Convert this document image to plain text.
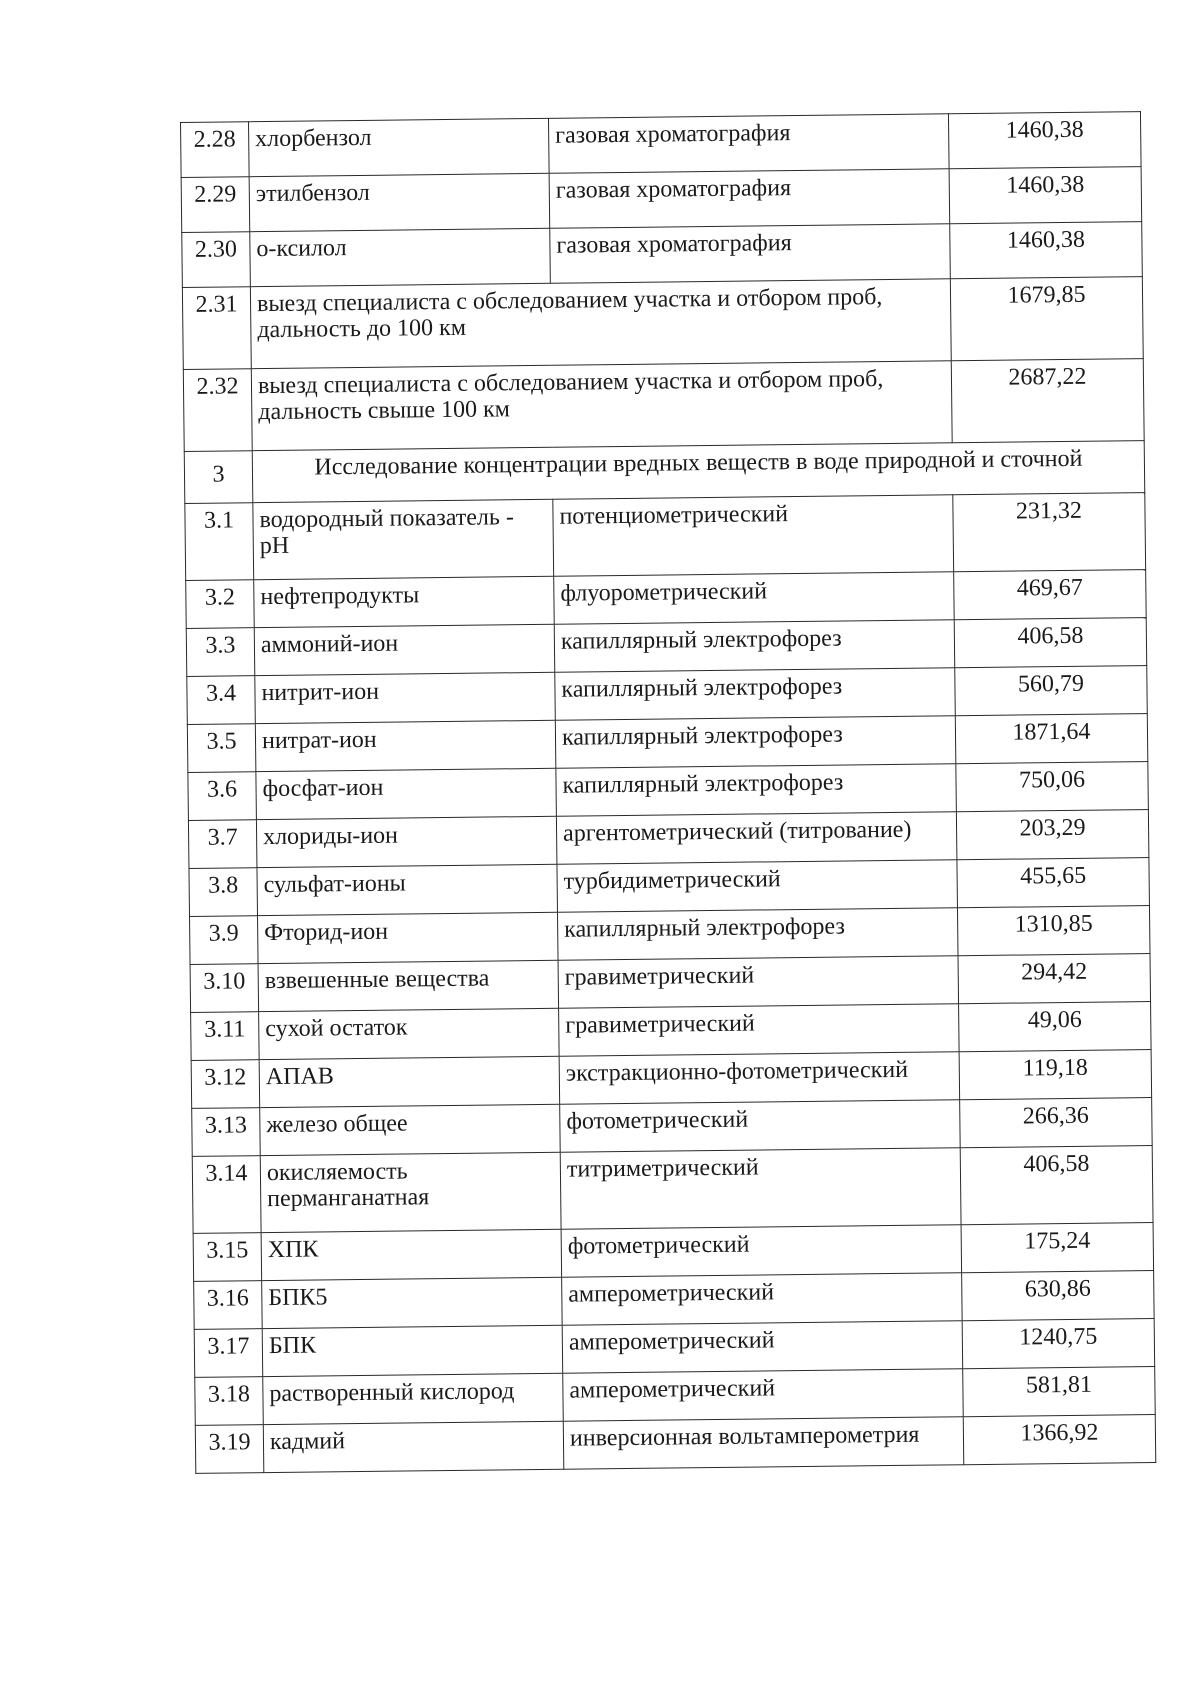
2.28	хлорбензол	газовая хроматография	1460,38
2.29	этилбензол	газовая хроматография	1460,38
2.30	о-ксилол	газовая хроматография	1460,38
2.31	выезд специалиста с обследованием участка и отбором проб, дальность до 100 км		1679,85
2.32	выезд специалиста с обследованием участка и отбором проб, дальность свыше 100 км		2687,22
3	Исследование концентрации вредных веществ в воде природной и сточной		
3.1	водородный показатель - pH	потенциометрический	231,32
3.2	нефтепродукты	флуорометрический	469,67
3.3	аммоний-ион	капиллярный электрофорез	406,58
3.4	нитрит-ион	капиллярный электрофорез	560,79
3.5	нитрат-ион	капиллярный электрофорез	1871,64
3.6	фосфат-ион	капиллярный электрофорез	750,06
3.7	хлориды-ион	аргентометрический (титрование)	203,29
3.8	сульфат-ионы	турбидиметрический	455,65
3.9	Фторид-ион	капиллярный электрофорез	1310,85
3.10	взвешенные вещества	гравиметрический	294,42
3.11	сухой остаток	гравиметрический	49,06
3.12	АПАВ	экстракционно-фотометрический	119,18
3.13	железо общее	фотометрический	266,36
3.14	окисляемость перманганатная	титриметрический	406,58
3.15	ХПК	фотометрический	175,24
3.16	БПК5	амперометрический	630,86
3.17	БПК	амперометрический	1240,75
3.18	растворенный кислород	амперометрический	581,81
3.19	кадмий	инверсионная вольтамперометрия	1366,92
